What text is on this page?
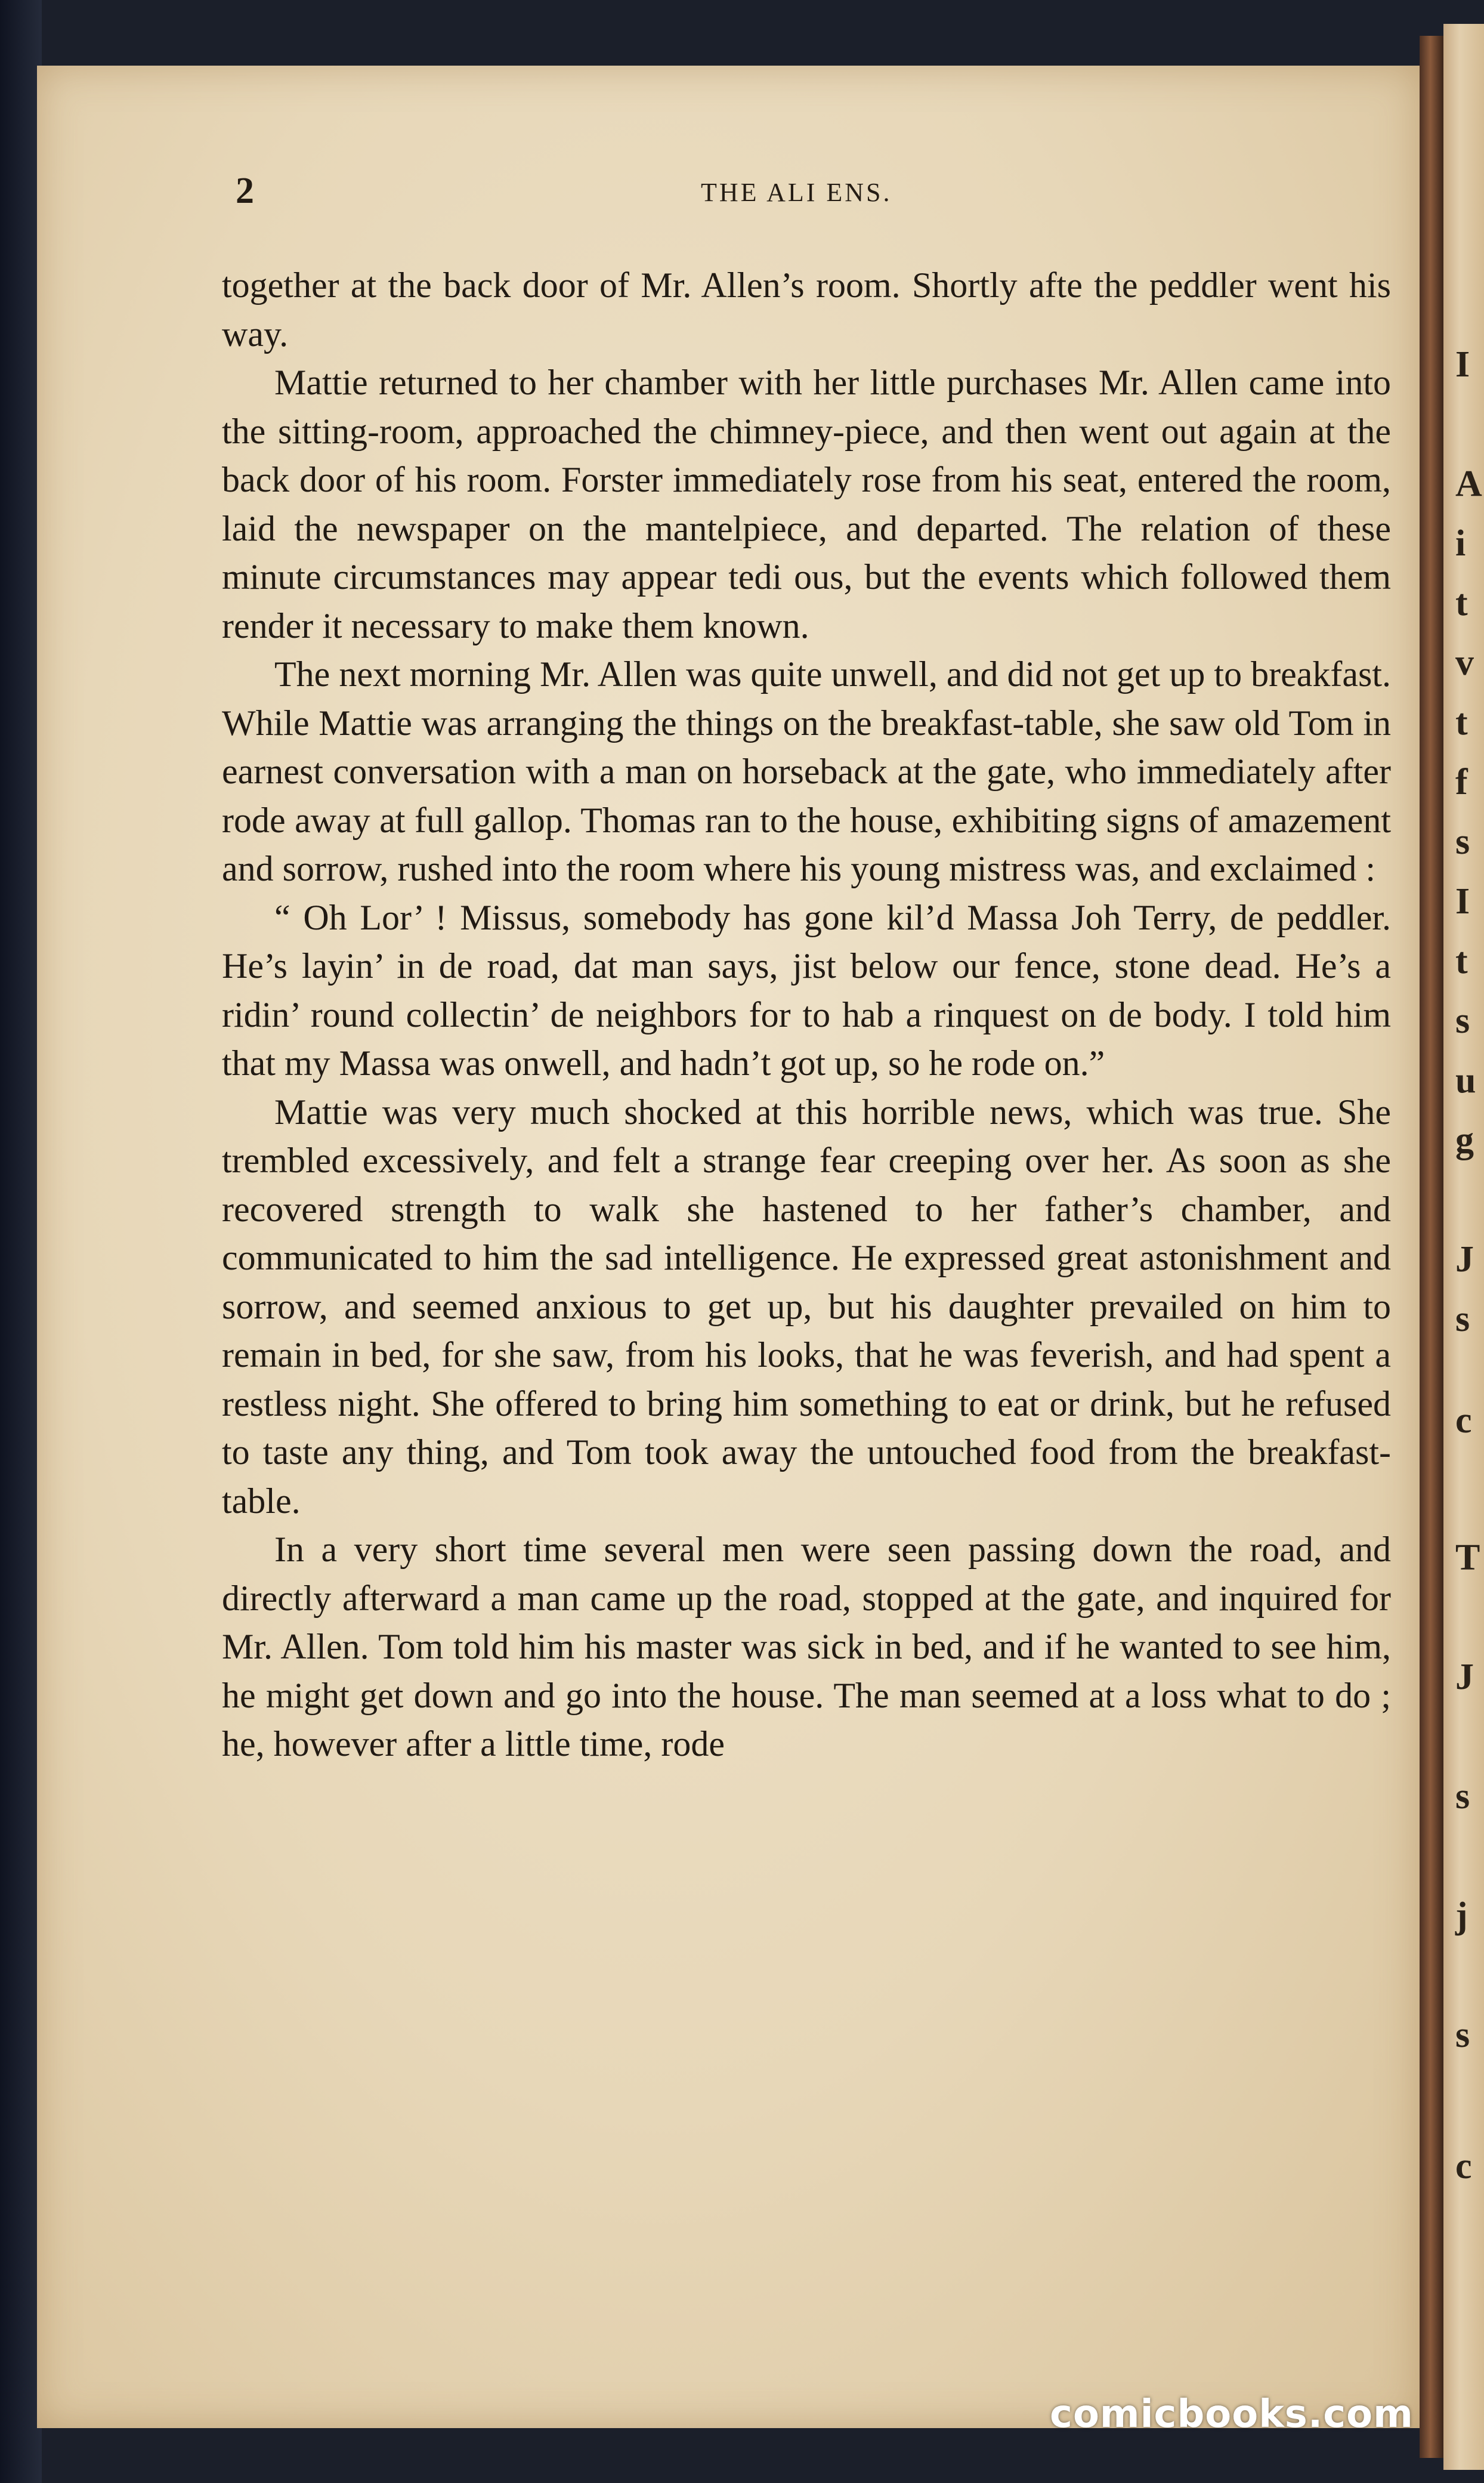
I
A
i
t
v
t
f
s
I
t
s
u
g
J
s
c
T
J
s
j
s
c
2	THE ALI ENS.

together at the back door of Mr. Allen’s room. Shortly afte the peddler went his way.

Mattie returned to her chamber with her little purchases Mr. Allen came into the sitting-room, approached the chimney-piece, and then went out again at the back door of his room. Forster immediately rose from his seat, entered the room, laid the newspaper on the mantelpiece, and departed. The relation of these minute circumstances may appear tedi ous, but the events which followed them render it necessary to make them known.

The next morning Mr. Allen was quite unwell, and did not get up to breakfast. While Mattie was arranging the things on the breakfast-table, she saw old Tom in earnest conversation with a man on horseback at the gate, who immediately after rode away at full gallop. Thomas ran to the house, exhibiting signs of amazement and sorrow, rushed into the room where his young mistress was, and exclaimed :

“ Oh Lor’ ! Missus, somebody has gone kil’d Massa Joh Terry, de peddler. He’s layin’ in de road, dat man says, jist below our fence, stone dead. He’s a ridin’ round collectin’ de neighbors for to hab a rinquest on de body. I told him that my Massa was onwell, and hadn’t got up, so he rode on.”

Mattie was very much shocked at this horrible news, which was true. She trembled excessively, and felt a strange fear creeping over her. As soon as she recovered strength to walk she hastened to her father’s chamber, and communicated to him the sad intelligence. He expressed great astonishment and sorrow, and seemed anxious to get up, but his daughter prevailed on him to remain in bed, for she saw, from his looks, that he was feverish, and had spent a restless night. She offered to bring him something to eat or drink, but he refused to taste any thing, and Tom took away the untouched food from the breakfast-table.

In a very short time several men were seen passing down the road, and directly afterward a man came up the road, stopped at the gate, and inquired for Mr. Allen. Tom told him his master was sick in bed, and if he wanted to see him, he might get down and go into the house. The man seemed at a loss what to do ; he, however after a little time, rode

comicbooks.com
